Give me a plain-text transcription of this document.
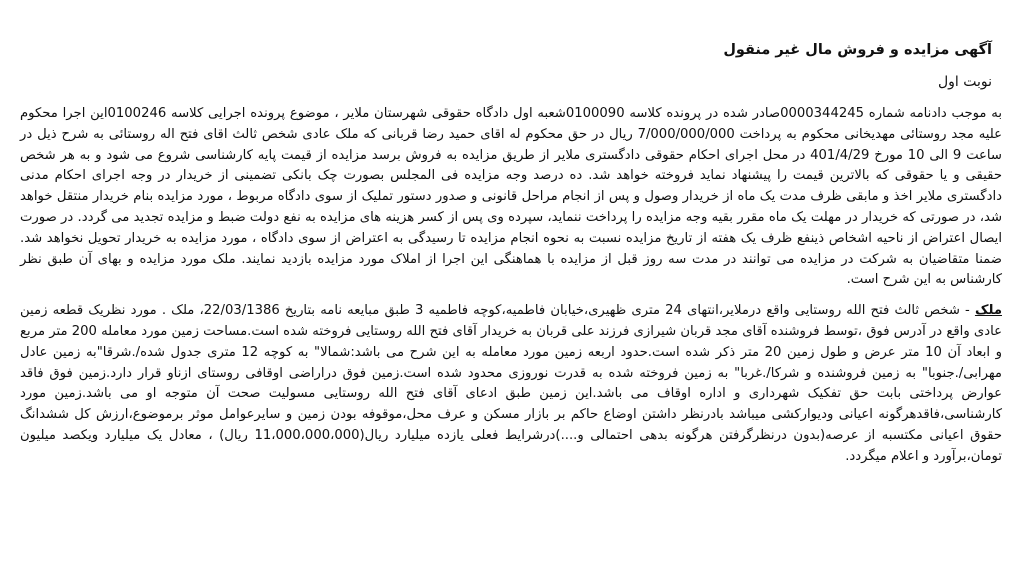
آگهی مزایده و فروش مال غیر منقول
نوبت اول

به موجب دادنامه شماره 0000344245صادر شده در پرونده کلاسه 0100090شعبه اول دادگاه حقوقی شهرستان ملایر ، موضوع پرونده اجرایی کلاسه 0100246این اجرا محکوم علیه مجد روستائی مهدیخانی محکوم به پرداخت 7/000/000/000 ریال در حق محکوم له اقای حمید رضا قربانی که ملک عادی شخص ثالث اقای فتح اله روستائی به شرح ذیل در ساعت 9 الی 10 مورخ 401/4/29 در محل اجرای احکام حقوقی دادگستری ملایر از طریق مزایده به فروش برسد مزایده از قیمت پایه کارشناسی شروع می شود و به هر شخص حقیقی و یا حقوقی که بالاترین قیمت را پیشنهاد نماید فروخته خواهد شد. ده درصد وجه مزایده فی المجلس بصورت چک بانکی تضمینی از خریدار در وجه اجرای احکام مدنی دادگستری ملایر اخذ و مابقی ظرف مدت یک ماه از خریدار وصول و پس از انجام مراحل قانونی و صدور دستور تملیک از سوی دادگاه مربوط ، مورد مزایده بنام خریدار منتقل خواهد شد، در صورتی که خریدار در مهلت یک ماه مقرر بقیه وجه مزایده را پرداخت ننماید، سپرده وی پس از کسر هزینه های مزایده به نفع دولت ضبط و مزایده تجدید می گردد. در صورت ایصال اعتراض از ناحیه اشخاص ذینفع ظرف یک هفته از تاریخ مزایده نسبت به نحوه انجام مزایده تا رسیدگی به اعتراض از سوی دادگاه ، مورد مزایده به خریدار تحویل نخواهد شد. ضمنا متقاضیان به شرکت در مزایده می توانند در مدت سه روز قبل از مزایده با هماهنگی این اجرا از املاک مورد مزایده بازدید نمایند. ملک مورد مزایده و بهای آن طبق نظر کارشناس به این شرح است.

ملک - شخص ثالث فتح الله روستایی واقع درملایر،انتهای 24 متری ظهیری،خیابان فاطمیه،کوچه فاطمیه 3 طبق مبایعه نامه بتاریخ 22/03/1386، ملک . مورد نظریک قطعه زمین عادی واقع در آدرس فوق ،توسط فروشنده آقای مجد قربان شیرازی فرزند علی قربان به خریدار آقای فتح الله روستایی فروخته شده است.مساحت زمین مورد معامله 200 متر مربع و ابعاد آن 10 متر عرض و طول زمین 20 متر ذکر شده است.حدود اربعه زمین مورد معامله به این شرح می باشد:شمالا" به کوچه 12 متری جدول شده/.شرقا"به زمین عادل مهرابی/.جنوبا" به زمین فروشنده و شرکا/.غربا" به زمین فروخته شده به قدرت نوروزی محدود شده است.زمین فوق دراراضی اوقافی روستای ازناو قرار دارد.زمین فوق فاقد عوارض پرداختی بابت حق تفکیک شهرداری و اداره اوقاف می باشد.این زمین طبق ادعای آقای فتح الله روستایی مسولیت صحت آن متوجه او می باشد.زمین مورد کارشناسی،فاقدهرگونه اعیانی ودیوارکشی میباشد بادرنظر داشتن اوضاع حاکم بر بازار مسکن و عرف محل،موقوفه بودن زمین و سایرعوامل موثر برموضوع،ارزش کل ششدانگ حقوق اعیانی مکتسبه از عرصه(بدون درنظرگرفتن هرگونه بدهی احتمالی و....)درشرایط فعلی یازده میلیارد ریال(11،000،000،000 ریال) ، معادل یک میلیارد ویکصد میلیون تومان،برآورد و اعلام میگردد.
